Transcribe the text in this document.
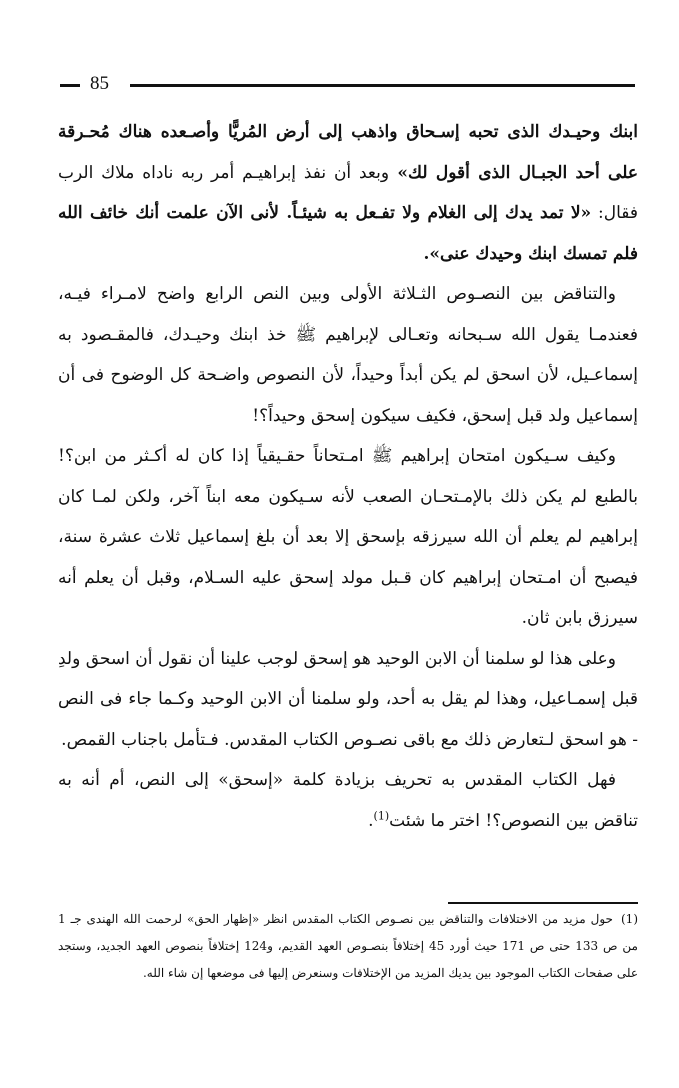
85

ابنك وحيـدك الذى تحبه إسـحاق واذهب إلى أرض المُريًّا وأصـعده هناك مُحـرقة على أحد الجبـال الذى أقول لك» وبعد أن نفذ إبراهيـم أمر ربه ناداه ملاك الرب فقال: «لا تمد يدك إلى الغلام ولا تفـعل به شيئـاً. لأنى الآن علمت أنك خائف الله فلم تمسك ابنك وحيدك عنى».

والتناقض بين النصـوص الثـلاثة الأولى وبين النص الرابع واضح لامـراء فيـه، فعندمـا يقول الله سـبحانه وتعـالى لإبراهيم ﷺ خذ ابنك وحيـدك، فالمقـصود به إسماعـيل، لأن اسحق لم يكن أبداً وحيداً، لأن النصوص واضـحة كل الوضوح فى أن إسماعيل ولد قبل إسحق، فكيف سيكون إسحق وحيداً؟!

وكيف سـيكون امتحان إبراهيم ﷺ امـتحاناً حقـيقياً إذا كان له أكـثر من ابن؟! بالطبع لم يكن ذلك بالإمـتحـان الصعب لأنه سـيكون معه ابناً آخر، ولكن لمـا كان إبراهيم لم يعلم أن الله سيرزقه بإسحق إلا بعد أن بلغ إسماعيل ثلاث عشرة سنة، فيصبح أن امـتحان إبراهيم كان قـبل مولد إسحق عليه السـلام، وقبل أن يعلم أنه سيرزق بابن ثان.

وعلى هذا لو سلمنا أن الابن الوحيد هو إسحق لوجب علينا أن نقول أن اسحق ولدِ قبل إسمـاعيل، وهذا لم يقل به أحد، ولو سلمنا أن الابن الوحيد وكـما جاء فى النص - هو اسحق لـتعارض ذلك مع باقى نصـوص الكتاب المقدس. فـتأمل باجناب القمص.

فهل الكتاب المقدس به تحريف بزيادة كلمة «إسحق» إلى النص، أم أنه به تناقض بين النصوص؟! اختر ما شئت$^{(1)}$.

(1)حول مزيد من الاختلافات والتناقض بين نصـوص الكتاب المقدس انظر «إظهار الحق» لرحمت الله الهندى جـ 1 من ص 133 حتى ص 171 حيث أورد 45 إختلافاً بنصـوص العهد القديم، و124 إختلافاً بنصوص العهد الجديد، وستجد على صفحات الكتاب الموجود بين يديك المزيد من الإختلافات وسنعرض إليها فى موضعها إن شاء الله.
